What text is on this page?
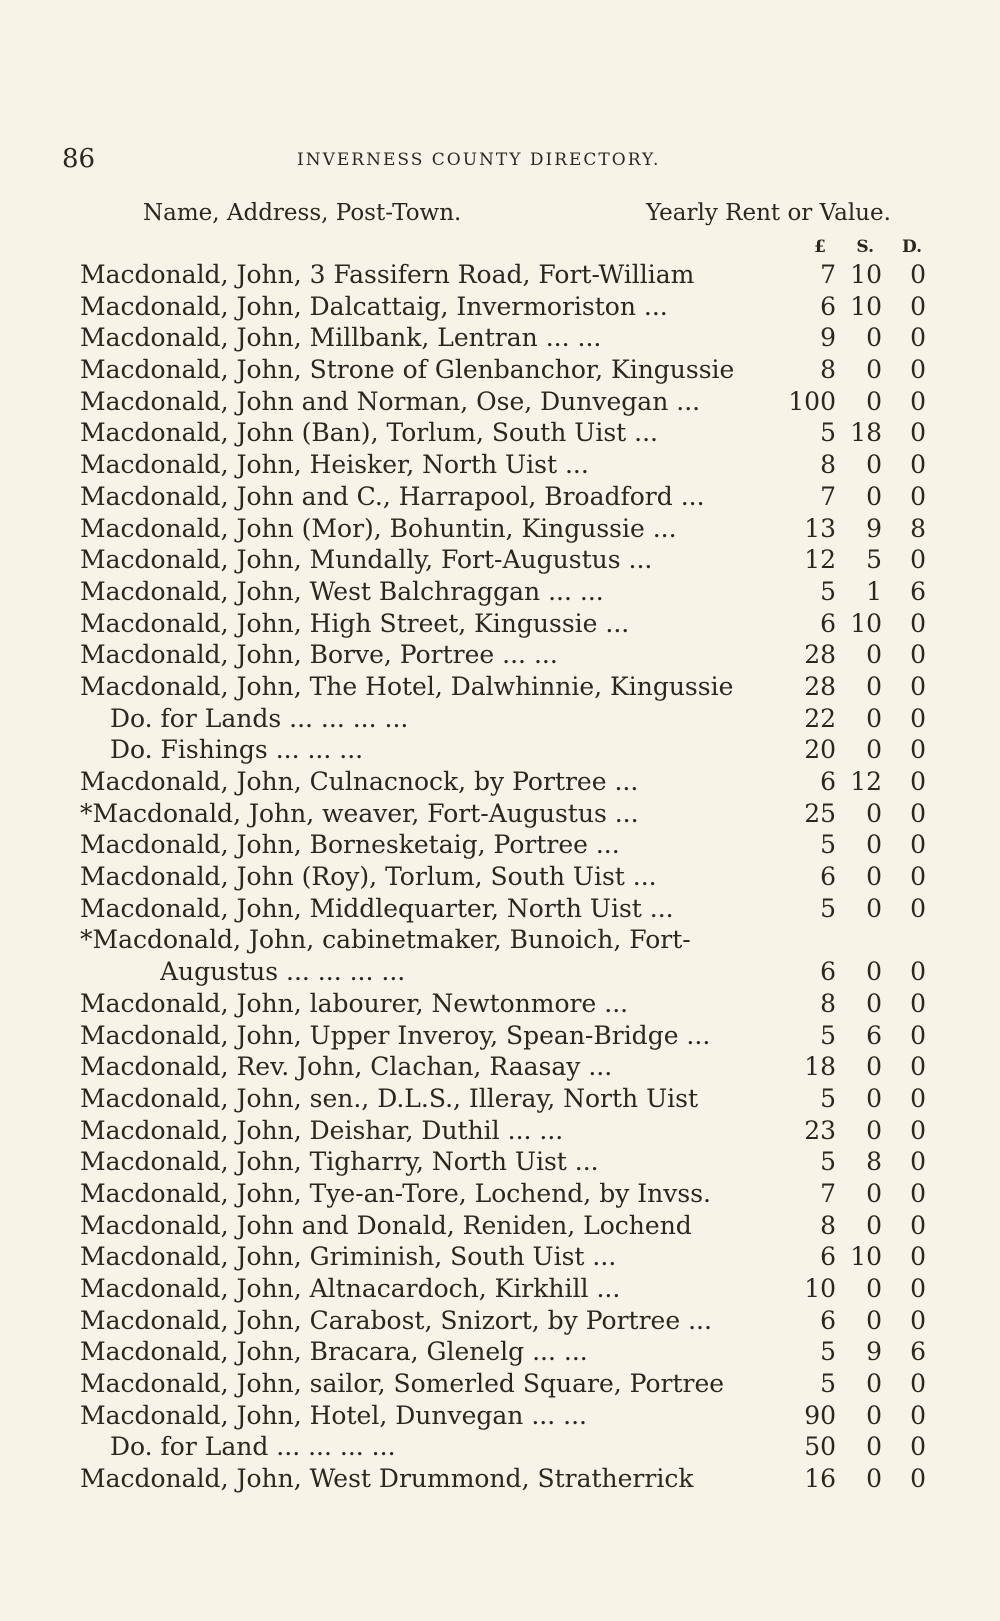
86	INVERNESS COUNTY DIRECTORY.
Name, Address, Post-Town.	Yearly Rent or Value.
£	S.	D.
Macdonald, John, 3 Fassifern Road, Fort-William	7 10	0
Macdonald, John, Dalcattaig, Invermoriston ...	6 10	0
Macdonald, John, Millbank, Lentran ... ...	9	0	0
Macdonald, John, Strone of Glenbanchor, Kingussie	8	0	0
Macdonald, John and Norman, Ose, Dunvegan ...	100	0	0
Macdonald, John (Ban), Torlum, South Uist ...	5 18	0
Macdonald, John, Heisker, North Uist ...	8	0	0
Macdonald, John and C., Harrapool, Broadford ...	7	0	0
Macdonald, John (Mor), Bohuntin, Kingussie ...	13	9	8
Macdonald, John, Mundally, Fort-Augustus ...	12	5	0
Macdonald, John, West Balchraggan ... ...	5	1	6
Macdonald, John, High Street, Kingussie ...	6 10	0
Macdonald, John, Borve, Portree ... ...	28	0	0
Macdonald, John, The Hotel, Dalwhinnie, Kingussie	28	0	0
Do. for Lands ... ... ... ...	22	0	0
Do. Fishings ... ... ...	20	0	0
Macdonald, John, Culnacnock, by Portree ...	6 12	0
*Macdonald, John, weaver, Fort-Augustus ...	25	0	0
Macdonald, John, Bornesketaig, Portree ...	5	0	0
Macdonald, John (Roy), Torlum, South Uist ...	6	0	0
Macdonald, John, Middlequarter, North Uist ...	5	0	0
*Macdonald, John, cabinetmaker, Bunoich, Fort-
Augustus ... ... ... ...	6	0	0
Macdonald, John, labourer, Newtonmore ...	8	0	0
Macdonald, John, Upper Inveroy, Spean-Bridge ...	5	6	0
Macdonald, Rev. John, Clachan, Raasay ...	18	0	0
Macdonald, John, sen., D.L.S., Illeray, North Uist	5	0	0
Macdonald, John, Deishar, Duthil ... ...	23	0	0
Macdonald, John, Tigharry, North Uist ...	5	8	0
Macdonald, John, Tye-an-Tore, Lochend, by Invss.	7	0	0
Macdonald, John and Donald, Reniden, Lochend	8	0	0
Macdonald, John, Griminish, South Uist ...	6 10	0
Macdonald, John, Altnacardoch, Kirkhill ...	10	0	0
Macdonald, John, Carabost, Snizort, by Portree ...	6	0	0
Macdonald, John, Bracara, Glenelg ... ...	5	9	6
Macdonald, John, sailor, Somerled Square, Portree	5	0	0
Macdonald, John, Hotel, Dunvegan ... ...	90	0	0
Do. for Land ... ... ... ...	50	0	0
Macdonald, John, West Drummond, Stratherrick	16	0	0
